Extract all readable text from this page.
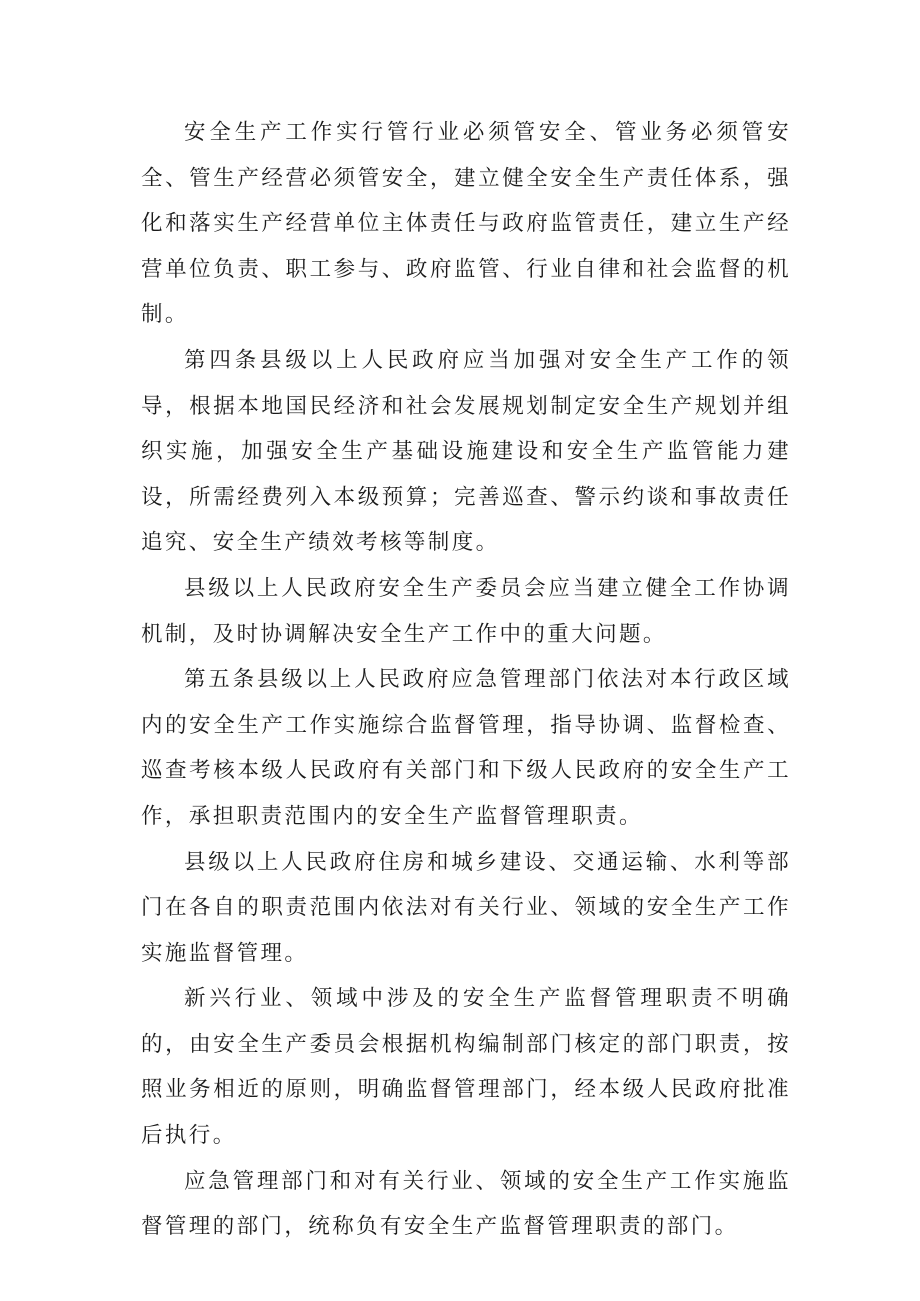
安全生产工作实行管行业必须管安全、管业务必须管安全、管生产经营必须管安全，建立健全安全生产责任体系，强化和落实生产经营单位主体责任与政府监管责任，建立生产经营单位负责、职工参与、政府监管、行业自律和社会监督的机制。

第四条县级以上人民政府应当加强对安全生产工作的领导，根据本地国民经济和社会发展规划制定安全生产规划并组织实施，加强安全生产基础设施建设和安全生产监管能力建设，所需经费列入本级预算；完善巡查、警示约谈和事故责任追究、安全生产绩效考核等制度。

县级以上人民政府安全生产委员会应当建立健全工作协调机制，及时协调解决安全生产工作中的重大问题。

第五条县级以上人民政府应急管理部门依法对本行政区域内的安全生产工作实施综合监督管理，指导协调、监督检查、巡查考核本级人民政府有关部门和下级人民政府的安全生产工作，承担职责范围内的安全生产监督管理职责。

县级以上人民政府住房和城乡建设、交通运输、水利等部门在各自的职责范围内依法对有关行业、领域的安全生产工作实施监督管理。

新兴行业、领域中涉及的安全生产监督管理职责不明确的，由安全生产委员会根据机构编制部门核定的部门职责，按照业务相近的原则，明确监督管理部门，经本级人民政府批准后执行。

应急管理部门和对有关行业、领域的安全生产工作实施监督管理的部门，统称负有安全生产监督管理职责的部门。
